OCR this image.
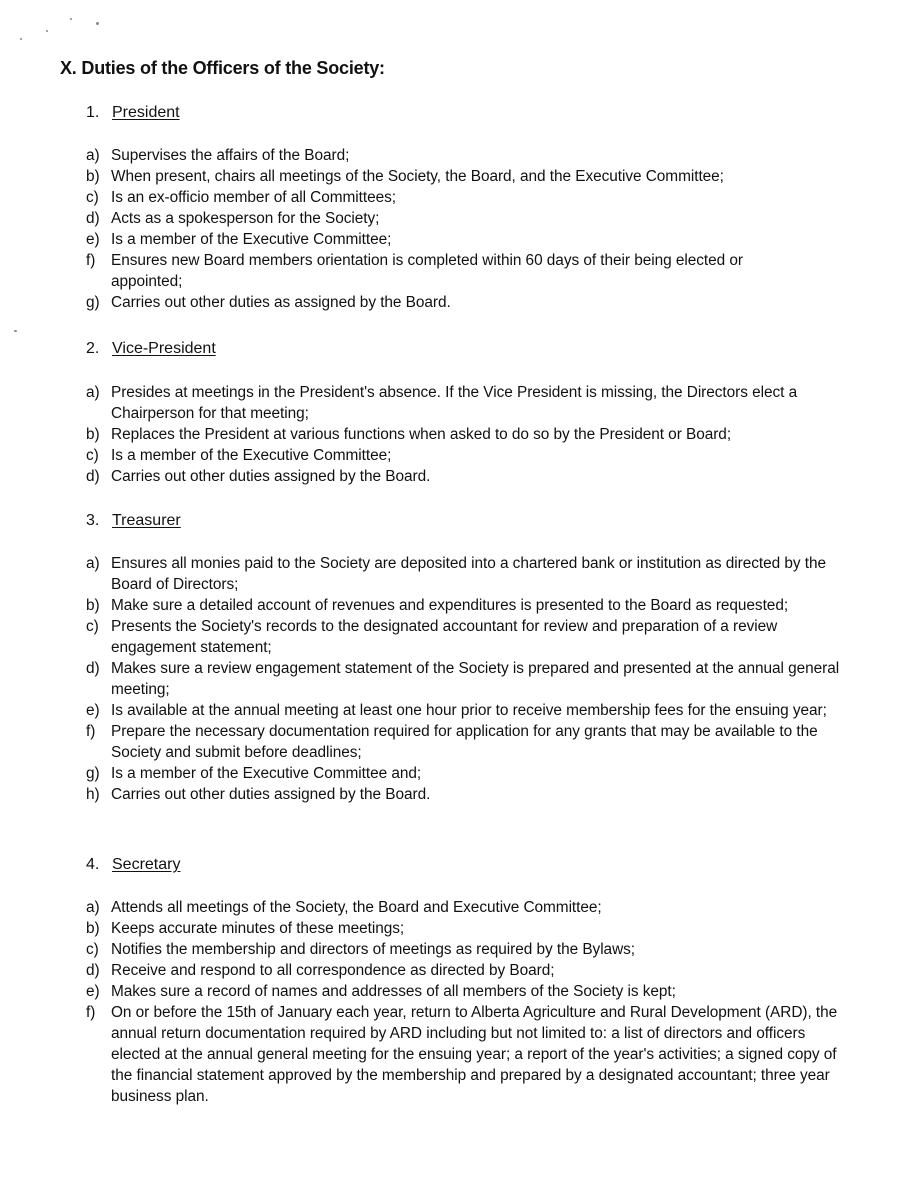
X. Duties of the Officers of the Society:
1. President
a) Supervises the affairs of the Board;
b) When present, chairs all meetings of the Society, the Board, and the Executive Committee;
c) Is an ex-officio member of all Committees;
d) Acts as a spokesperson for the Society;
e) Is a member of the Executive Committee;
f) Ensures new Board members orientation is completed within 60 days of their being elected or appointed;
g) Carries out other duties as assigned by the Board.
2. Vice-President
a) Presides at meetings in the President's absence. If the Vice President is missing, the Directors elect a Chairperson for that meeting;
b) Replaces the President at various functions when asked to do so by the President or Board;
c) Is a member of the Executive Committee;
d) Carries out other duties assigned by the Board.
3. Treasurer
a) Ensures all monies paid to the Society are deposited into a chartered bank or institution as directed by the Board of Directors;
b) Make sure a detailed account of revenues and expenditures is presented to the Board as requested;
c) Presents the Society's records to the designated accountant for review and preparation of a review engagement statement;
d) Makes sure a review engagement statement of the Society is prepared and presented at the annual general meeting;
e) Is available at the annual meeting at least one hour prior to receive membership fees for the ensuing year;
f) Prepare the necessary documentation required for application for any grants that may be available to the Society and submit before deadlines;
g) Is a member of the Executive Committee and;
h) Carries out other duties assigned by the Board.
4. Secretary
a) Attends all meetings of the Society, the Board and Executive Committee;
b) Keeps accurate minutes of these meetings;
c) Notifies the membership and directors of meetings as required by the Bylaws;
d) Receive and respond to all correspondence as directed by Board;
e) Makes sure a record of names and addresses of all members of the Society is kept;
f) On or before the 15th of January each year, return to Alberta Agriculture and Rural Development (ARD), the annual return documentation required by ARD including but not limited to: a list of directors and officers elected at the annual general meeting for the ensuing year; a report of the year's activities; a signed copy of the financial statement approved by the membership and prepared by a designated accountant; three year business plan.
